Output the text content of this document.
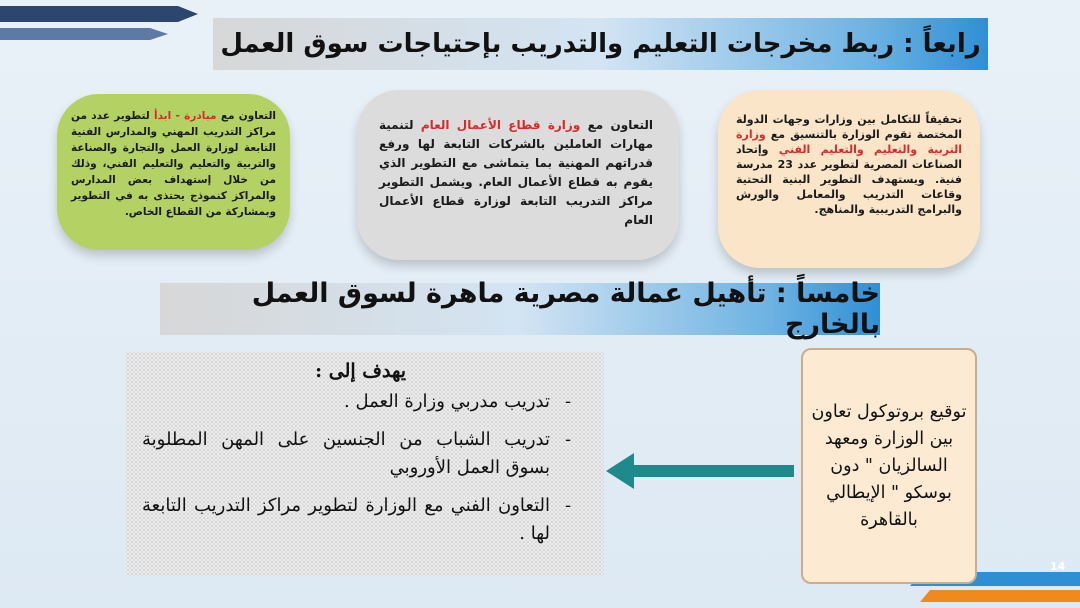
رابعاً : ربط مخرجات التعليم والتدريب بإحتياجات سوق العمل
التعاون مع مبادرة - ابدأ لتطوير عدد من مراكز التدريب المهني والمدارس الفنية التابعة لوزارة العمل والتجارة والصناعة والتربية والتعليم والتعليم الفني، وذلك من خلال إستهداف بعض المدارس والمراكز كنموذج يحتذى به في التطوير وبمشاركة من القطاع الخاص.
التعاون مع وزارة قطاع الأعمال العام لتنمية مهارات العاملين بالشركات التابعة لها ورفع قدراتهم المهنية بما يتماشى مع التطوير الذي يقوم به قطاع الأعمال العام. ويشمل التطوير مراكز التدريب التابعة لوزارة قطاع الأعمال العام
تحقيقاً للتكامل بين وزارات وجهات الدولة المختصة تقوم الوزارة بالتنسيق مع وزارة التربية والتعليم والتعليم الفني وإتحاد الصناعات المصرية لتطوير عدد 23 مدرسة فنية. ويستهدف التطوير البنية التحتية وقاعات التدريب والمعامل والورش والبرامج التدريبية والمناهج.
خامساً : تأهيل عمالة مصرية ماهرة لسوق العمل بالخارج
يهدف إلى :
-
تدريب مدربي وزارة العمل .
-
تدريب الشباب من الجنسين على المهن المطلوبة بسوق العمل الأوروبي
-
التعاون الفني مع الوزارة لتطوير مراكز التدريب التابعة لها .
توقيع بروتوكول تعاون بين الوزارة ومعهد السالزيان " دون بوسكو " الإيطالي بالقاهرة
14
